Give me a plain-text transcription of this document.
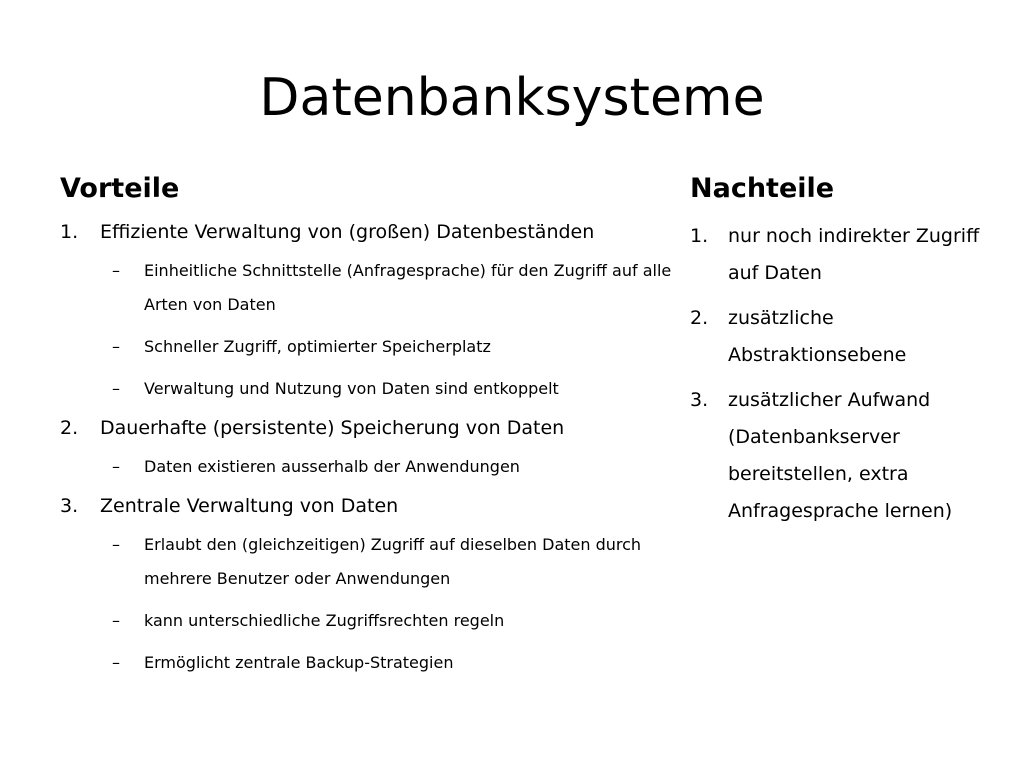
Datenbanksysteme
Vorteile
1.	Effiziente Verwaltung von (großen) Datenbeständen
–	Einheitliche Schnittstelle (Anfragesprache) für den Zugriff auf alle Arten von Daten
–	Schneller Zugriff, optimierter Speicherplatz
–	Verwaltung und Nutzung von Daten sind entkoppelt
2.	Dauerhafte (persistente) Speicherung von Daten
–	Daten existieren ausserhalb der Anwendungen
3.	Zentrale Verwaltung von Daten
–	Erlaubt den (gleichzeitigen) Zugriff auf dieselben Daten durch mehrere Benutzer oder Anwendungen
–	kann unterschiedliche Zugriffsrechten regeln
–	Ermöglicht zentrale Backup-Strategien
Nachteile
1.	nur noch indirekter Zugriff auf Daten
2.	zusätzliche Abstraktionsebene
3.	zusätzlicher Aufwand (Datenbankserver bereitstellen, extra Anfragesprache lernen)
